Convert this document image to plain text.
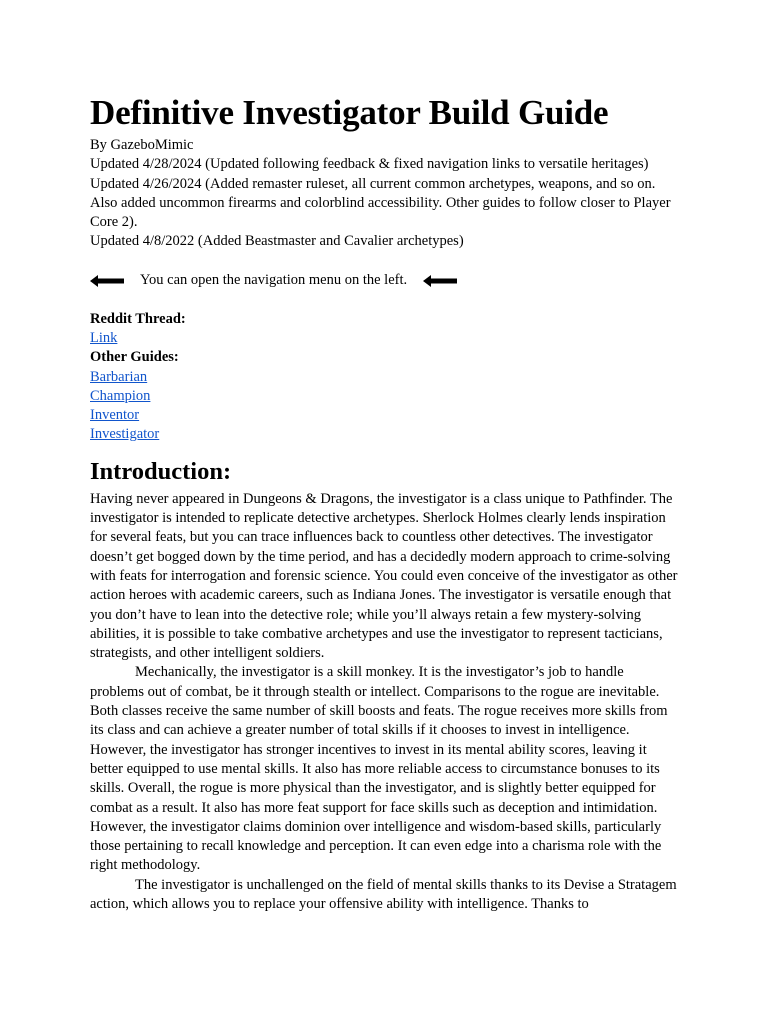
Definitive Investigator Build Guide

By GazeboMimic

Updated 4/28/2024 (Updated following feedback & fixed navigation links to versatile heritages)

Updated 4/26/2024 (Added remaster ruleset, all current common archetypes, weapons, and so on. Also added uncommon firearms and colorblind accessibility. Other guides to follow closer to Player Core 2).

Updated 4/8/2022 (Added Beastmaster and Cavalier archetypes)

You can open the navigation menu on the left.

Reddit Thread:

Link

Other Guides:

Barbarian

Champion

Inventor

Investigator

Introduction:

Having never appeared in Dungeons & Dragons, the investigator is a class unique to Pathfinder. The investigator is intended to replicate detective archetypes. Sherlock Holmes clearly lends inspiration for several feats, but you can trace influences back to countless other detectives. The investigator doesn’t get bogged down by the time period, and has a decidedly modern approach to crime-solving with feats for interrogation and forensic science. You could even conceive of the investigator as other action heroes with academic careers, such as Indiana Jones. The investigator is versatile enough that you don’t have to lean into the detective role; while you’ll always retain a few mystery-solving abilities, it is possible to take combative archetypes and use the investigator to represent tacticians, strategists, and other intelligent soldiers.

Mechanically, the investigator is a skill monkey. It is the investigator’s job to handle problems out of combat, be it through stealth or intellect. Comparisons to the rogue are inevitable. Both classes receive the same number of skill boosts and feats. The rogue receives more skills from its class and can achieve a greater number of total skills if it chooses to invest in intelligence. However, the investigator has stronger incentives to invest in its mental ability scores, leaving it better equipped to use mental skills. It also has more reliable access to circumstance bonuses to its skills. Overall, the rogue is more physical than the investigator, and is slightly better equipped for combat as a result. It also has more feat support for face skills such as deception and intimidation. However, the investigator claims dominion over intelligence and wisdom-based skills, particularly those pertaining to recall knowledge and perception. It can even edge into a charisma role with the right methodology.

The investigator is unchallenged on the field of mental skills thanks to its Devise a Stratagem action, which allows you to replace your offensive ability with intelligence. Thanks to
